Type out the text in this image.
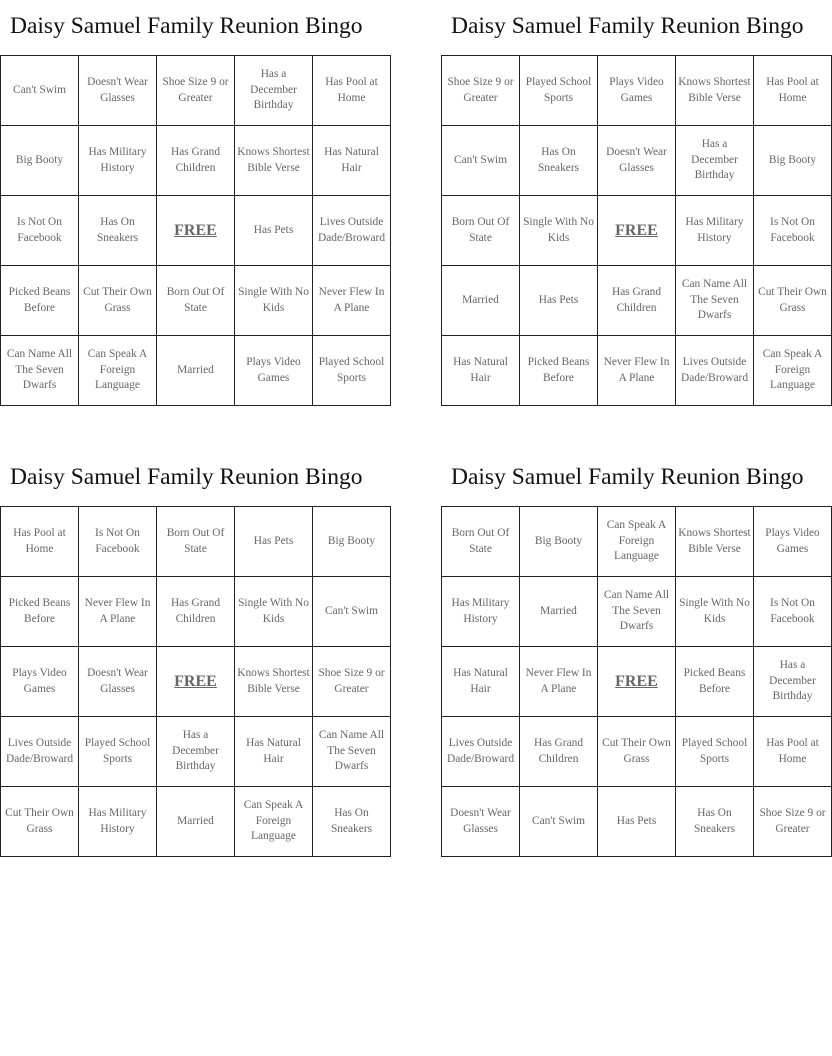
Daisy Samuel Family Reunion Bingo
Can't Swim	Doesn't Wear Glasses	Shoe Size 9 or Greater	Has a December Birthday	Has Pool at Home
Big Booty	Has Military History	Has Grand Children	Knows Shortest Bible Verse	Has Natural Hair
Is Not On Facebook	Has On Sneakers	FREE	Has Pets	Lives Outside Dade/Broward
Picked Beans Before	Cut Their Own Grass	Born Out Of State	Single With No Kids	Never Flew In A Plane
Can Name All The Seven Dwarfs	Can Speak A Foreign Language	Married	Plays Video Games	Played School Sports
Daisy Samuel Family Reunion Bingo
Shoe Size 9 or Greater	Played School Sports	Plays Video Games	Knows Shortest Bible Verse	Has Pool at Home
Can't Swim	Has On Sneakers	Doesn't Wear Glasses	Has a December Birthday	Big Booty
Born Out Of State	Single With No Kids	FREE	Has Military History	Is Not On Facebook
Married	Has Pets	Has Grand Children	Can Name All The Seven Dwarfs	Cut Their Own Grass
Has Natural Hair	Picked Beans Before	Never Flew In A Plane	Lives Outside Dade/Broward	Can Speak A Foreign Language
Daisy Samuel Family Reunion Bingo
Has Pool at Home	Is Not On Facebook	Born Out Of State	Has Pets	Big Booty
Picked Beans Before	Never Flew In A Plane	Has Grand Children	Single With No Kids	Can't Swim
Plays Video Games	Doesn't Wear Glasses	FREE	Knows Shortest Bible Verse	Shoe Size 9 or Greater
Lives Outside Dade/Broward	Played School Sports	Has a December Birthday	Has Natural Hair	Can Name All The Seven Dwarfs
Cut Their Own Grass	Has Military History	Married	Can Speak A Foreign Language	Has On Sneakers
Daisy Samuel Family Reunion Bingo
Born Out Of State	Big Booty	Can Speak A Foreign Language	Knows Shortest Bible Verse	Plays Video Games
Has Military History	Married	Can Name All The Seven Dwarfs	Single With No Kids	Is Not On Facebook
Has Natural Hair	Never Flew In A Plane	FREE	Picked Beans Before	Has a December Birthday
Lives Outside Dade/Broward	Has Grand Children	Cut Their Own Grass	Played School Sports	Has Pool at Home
Doesn't Wear Glasses	Can't Swim	Has Pets	Has On Sneakers	Shoe Size 9 or Greater
